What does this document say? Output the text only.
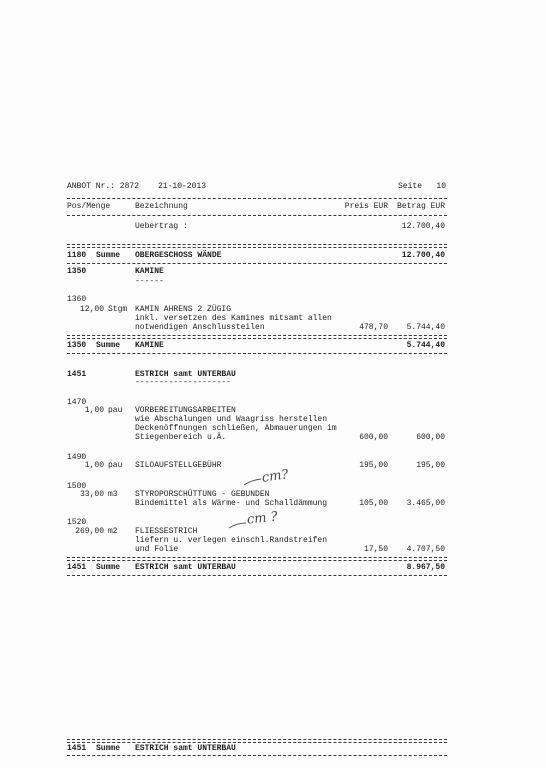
ANBOT Nr.: 2872 21-10-2013	Seite 10
Pos/Menge	Bezeichnung	Preis EUR Betrag EUR
Uebertrag :	12.700,40
1180 Summe OBERGESCHOSS WÄNDE	12.700,40
1350	KAMINE
------
1360
12,00 Stgm KAMIN AHRENS 2 ZÜGIG
inkl. versetzen des Kamines mitsamt allen
notwendigen Anschlussteilen	478,70 5.744,40
1350 Summe KAMINE	5.744,40
1451	ESTRICH samt UNTERBAU
--------------------
1470
1,00 pau VORBEREITUNGSARBEITEN
wie Abschalungen und Waagriss herstellen
Deckenöffnungen schließen, Abmauerungen im
Stiegenbereich u.Ä.	600,00	600,00
1490
1,00 pau SILOAUFSTELLGEBÜHR	195,00	195,00
1500
33,00 m3 STYROPORSCHÜTTUNG - GEBUNDEN
Bindemittel als Wärme- und Schalldämmung	105,00 3.465,00
1520
269,00 m2 FLIESSESTRICH
liefern u. verlegen einschl.Randstreifen
und Folie	17,50 4.707,50
1451 Summe ESTRICH samt UNTERBAU	8.967,50
1451 Summe ESTRICH samt UNTERBAU
cm?
cm ?
